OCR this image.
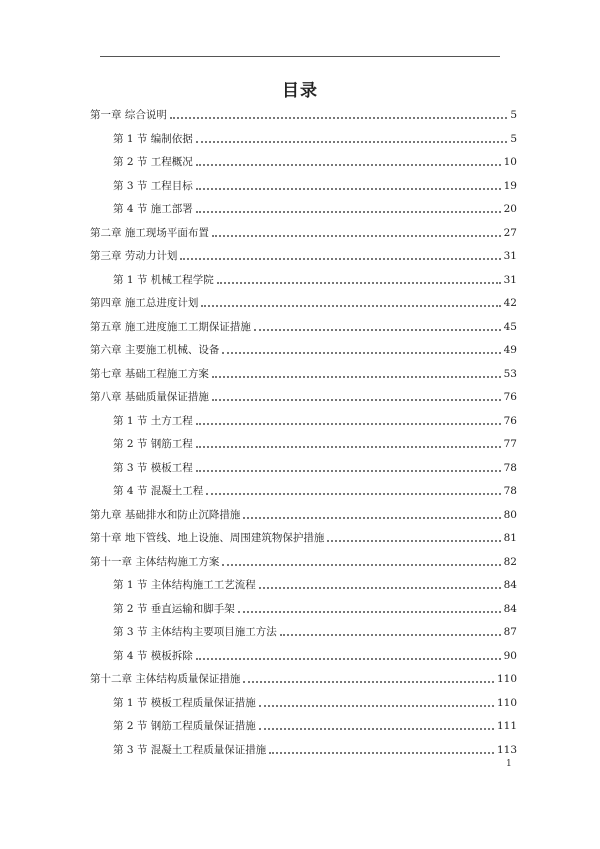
目录
第一章 综合说明	5
第 1 节 编制依据	5
第 2 节 工程概况	10
第 3 节 工程目标	19
第 4 节 施工部署	20
第二章 施工现场平面布置	27
第三章 劳动力计划	31
第 1 节 机械工程学院	31
第四章 施工总进度计划	42
第五章 施工进度施工工期保证措施	45
第六章 主要施工机械、设备	49
第七章 基础工程施工方案	53
第八章 基础质量保证措施	76
第 1 节 土方工程	76
第 2 节 钢筋工程	77
第 3 节 模板工程	78
第 4 节 混凝土工程	78
第九章 基础排水和防止沉降措施	80
第十章 地下管线、地上设施、周围建筑物保护措施	81
第十一章 主体结构施工方案	82
第 1 节 主体结构施工工艺流程	84
第 2 节 垂直运输和脚手架	84
第 3 节 主体结构主要项目施工方法	87
第 4 节 模板拆除	90
第十二章 主体结构质量保证措施	110
第 1 节 模板工程质量保证措施	110
第 2 节 钢筋工程质量保证措施	111
第 3 节 混凝土工程质量保证措施	113
1
